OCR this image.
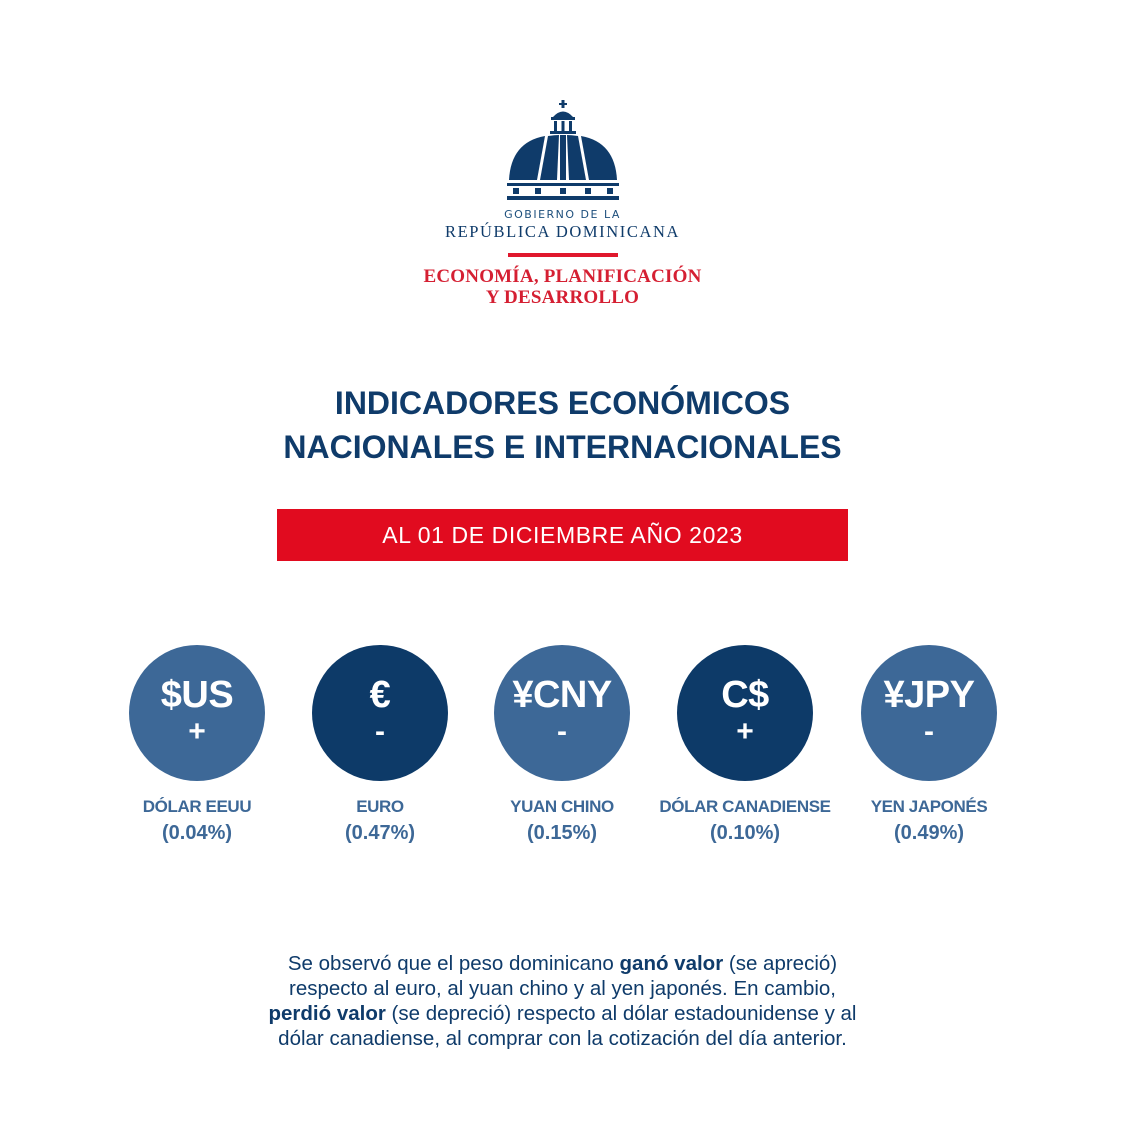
GOBIERNO DE LA
REPÚBLICA DOMINICANA
ECONOMÍA, PLANIFICACIÓN
Y DESARROLLO
INDICADORES ECONÓMICOS
NACIONALES E INTERNACIONALES
AL 01 DE DICIEMBRE AÑO 2023
$US
+
DÓLAR EEUU
(0.04%)
€
-
EURO
(0.47%)
¥CNY
-
YUAN CHINO
(0.15%)
C$
+
DÓLAR CANADIENSE
(0.10%)
¥JPY
-
YEN JAPONÉS
(0.49%)
Se observó que el peso dominicano ganó valor (se apreció)
respecto al euro, al yuan chino y al yen japonés. En cambio,
perdió valor (se depreció) respecto al dólar estadounidense y al
dólar canadiense, al comprar con la cotización del día anterior.
